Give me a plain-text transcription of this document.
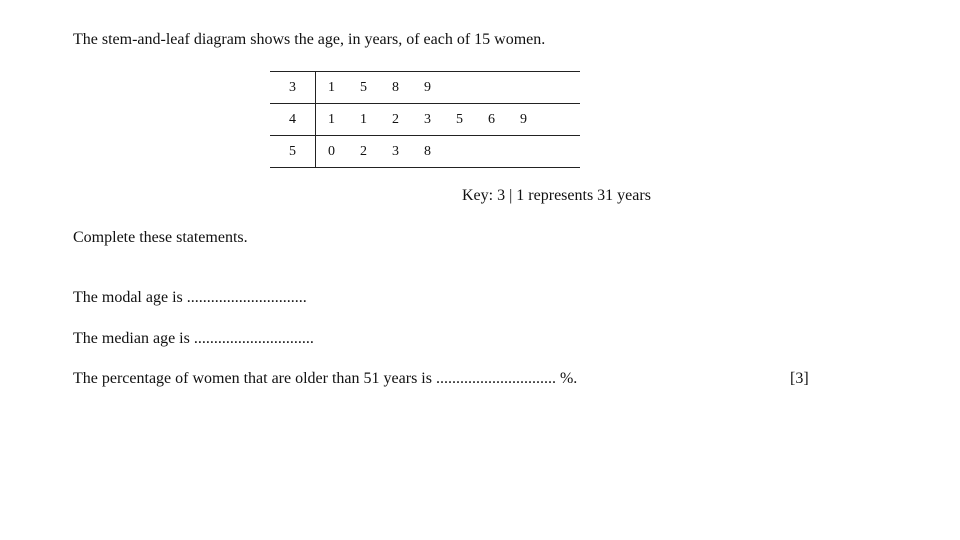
The stem-and-leaf diagram shows the age, in years, of each of 15 women.
3	1 5 8 9
4	1 1 2 3 5 6 9
5	0 2 3 8
Key: 3 | 1 represents 31 years
Complete these statements.
The modal age is ..............................
The median age is ..............................
The percentage of women that are older than 51 years is .............................. %.	[3]
